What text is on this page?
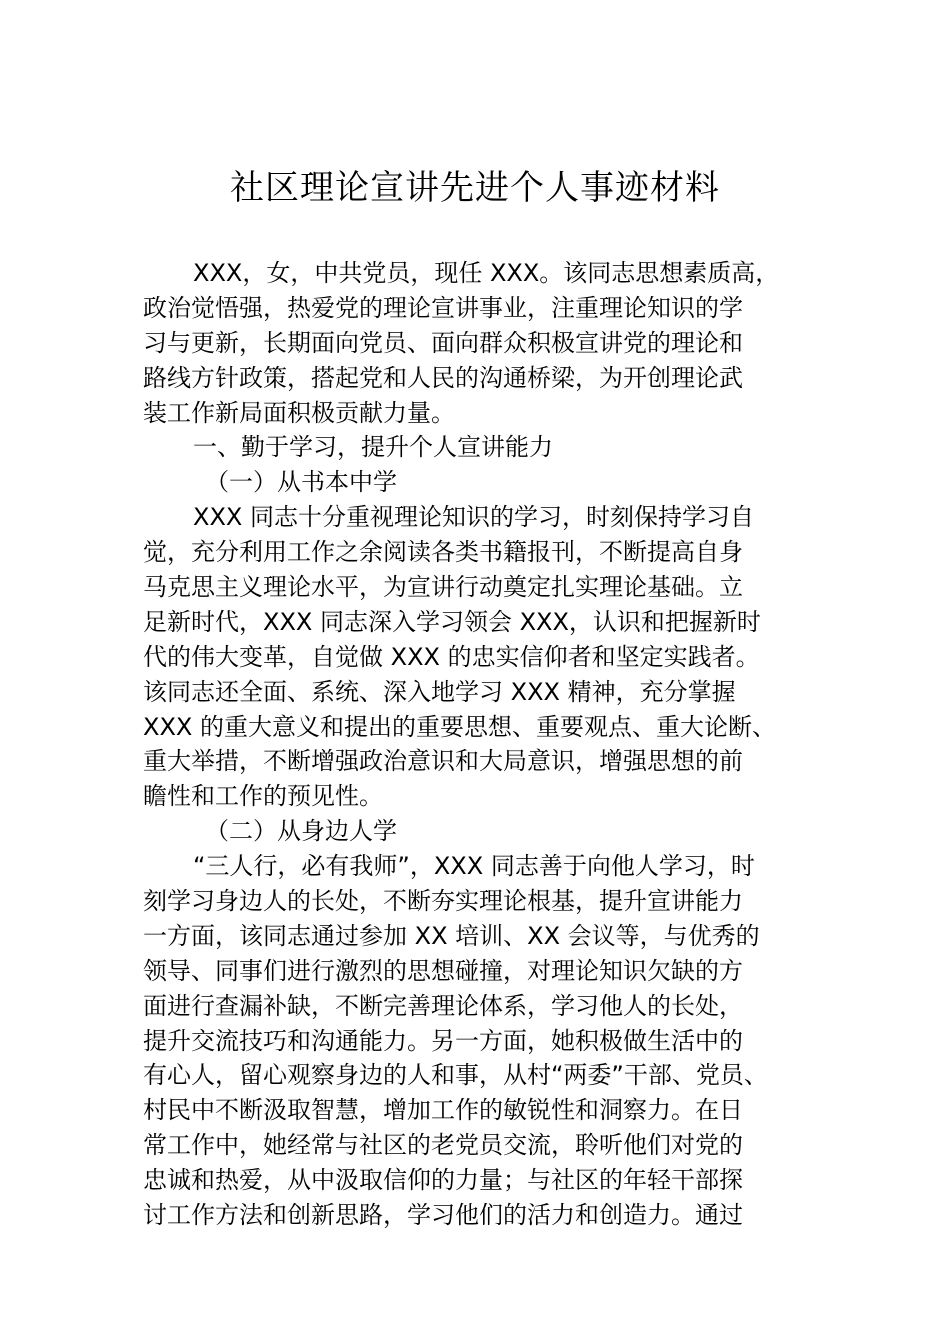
社区理论宣讲先进个人事迹材料
XXX，女，中共党员，现任 XXX。该同志思想素质高，
政治觉悟强，热爱党的理论宣讲事业，注重理论知识的学
习与更新，长期面向党员、面向群众积极宣讲党的理论和
路线方针政策，搭起党和人民的沟通桥梁，为开创理论武
装工作新局面积极贡献力量。
一、勤于学习，提升个人宣讲能力
（一）从书本中学
XXX 同志十分重视理论知识的学习，时刻保持学习自
觉，充分利用工作之余阅读各类书籍报刊，不断提高自身
马克思主义理论水平，为宣讲行动奠定扎实理论基础。立
足新时代，XXX 同志深入学习领会 XXX，认识和把握新时
代的伟大变革，自觉做 XXX 的忠实信仰者和坚定实践者。
该同志还全面、系统、深入地学习 XXX 精神，充分掌握
XXX 的重大意义和提出的重要思想、重要观点、重大论断、
重大举措，不断增强政治意识和大局意识，增强思想的前
瞻性和工作的预见性。
（二）从身边人学
“三人行，必有我师”，XXX 同志善于向他人学习，时
刻学习身边人的长处，不断夯实理论根基，提升宣讲能力
一方面，该同志通过参加 XX 培训、XX 会议等，与优秀的
领导、同事们进行激烈的思想碰撞，对理论知识欠缺的方
面进行查漏补缺，不断完善理论体系，学习他人的长处，
提升交流技巧和沟通能力。另一方面，她积极做生活中的
有心人，留心观察身边的人和事，从村“两委”干部、党员、
村民中不断汲取智慧，增加工作的敏锐性和洞察力。在日
常工作中，她经常与社区的老党员交流，聆听他们对党的
忠诚和热爱，从中汲取信仰的力量；与社区的年轻干部探
讨工作方法和创新思路，学习他们的活力和创造力。通过
